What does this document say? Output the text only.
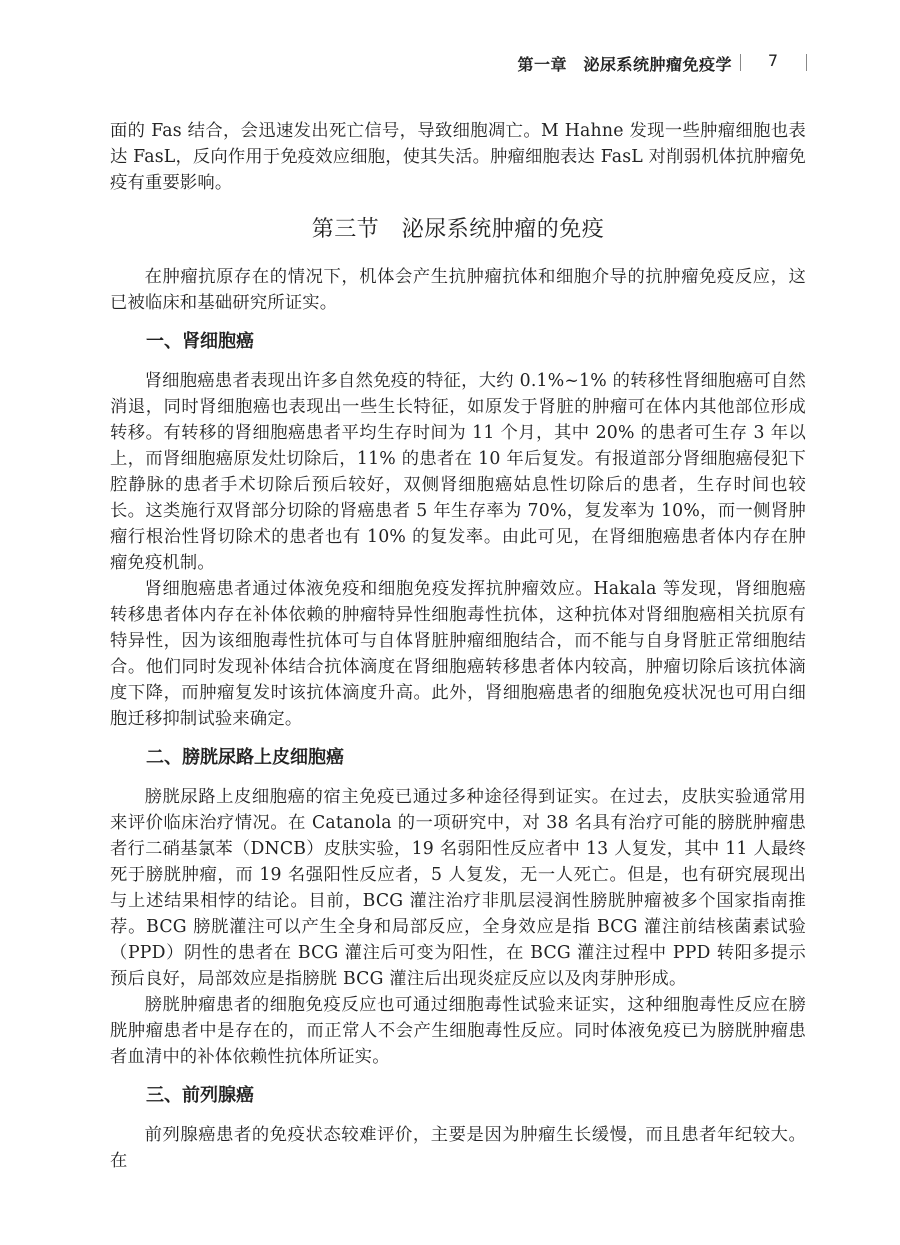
第一章　泌尿系统肿瘤免疫学	7

面的 Fas 结合，会迅速发出死亡信号，导致细胞凋亡。M Hahne 发现一些肿瘤细胞也表达 FasL，反向作用于免疫效应细胞，使其失活。肿瘤细胞表达 FasL 对削弱机体抗肿瘤免疫有重要影响。

第三节　泌尿系统肿瘤的免疫

在肿瘤抗原存在的情况下，机体会产生抗肿瘤抗体和细胞介导的抗肿瘤免疫反应，这已被临床和基础研究所证实。

一、肾细胞癌

肾细胞癌患者表现出许多自然免疫的特征，大约 0.1%~1% 的转移性肾细胞癌可自然消退，同时肾细胞癌也表现出一些生长特征，如原发于肾脏的肿瘤可在体内其他部位形成转移。有转移的肾细胞癌患者平均生存时间为 11 个月，其中 20% 的患者可生存 3 年以上，而肾细胞癌原发灶切除后，11% 的患者在 10 年后复发。有报道部分肾细胞癌侵犯下腔静脉的患者手术切除后预后较好，双侧肾细胞癌姑息性切除后的患者，生存时间也较长。这类施行双肾部分切除的肾癌患者 5 年生存率为 70%，复发率为 10%，而一侧肾肿瘤行根治性肾切除术的患者也有 10% 的复发率。由此可见，在肾细胞癌患者体内存在肿瘤免疫机制。

肾细胞癌患者通过体液免疫和细胞免疫发挥抗肿瘤效应。Hakala 等发现，肾细胞癌转移患者体内存在补体依赖的肿瘤特异性细胞毒性抗体，这种抗体对肾细胞癌相关抗原有特异性，因为该细胞毒性抗体可与自体肾脏肿瘤细胞结合，而不能与自身肾脏正常细胞结合。他们同时发现补体结合抗体滴度在肾细胞癌转移患者体内较高，肿瘤切除后该抗体滴度下降，而肿瘤复发时该抗体滴度升高。此外，肾细胞癌患者的细胞免疫状况也可用白细胞迁移抑制试验来确定。

二、膀胱尿路上皮细胞癌

膀胱尿路上皮细胞癌的宿主免疫已通过多种途径得到证实。在过去，皮肤实验通常用来评价临床治疗情况。在 Catanola 的一项研究中，对 38 名具有治疗可能的膀胱肿瘤患者行二硝基氯苯（DNCB）皮肤实验，19 名弱阳性反应者中 13 人复发，其中 11 人最终死于膀胱肿瘤，而 19 名强阳性反应者，5 人复发，无一人死亡。但是，也有研究展现出与上述结果相悖的结论。目前，BCG 灌注治疗非肌层浸润性膀胱肿瘤被多个国家指南推荐。BCG 膀胱灌注可以产生全身和局部反应，全身效应是指 BCG 灌注前结核菌素试验（PPD）阴性的患者在 BCG 灌注后可变为阳性，在 BCG 灌注过程中 PPD 转阳多提示预后良好，局部效应是指膀胱 BCG 灌注后出现炎症反应以及肉芽肿形成。

膀胱肿瘤患者的细胞免疫反应也可通过细胞毒性试验来证实，这种细胞毒性反应在膀胱肿瘤患者中是存在的，而正常人不会产生细胞毒性反应。同时体液免疫已为膀胱肿瘤患者血清中的补体依赖性抗体所证实。

三、前列腺癌

前列腺癌患者的免疫状态较难评价，主要是因为肿瘤生长缓慢，而且患者年纪较大。在
